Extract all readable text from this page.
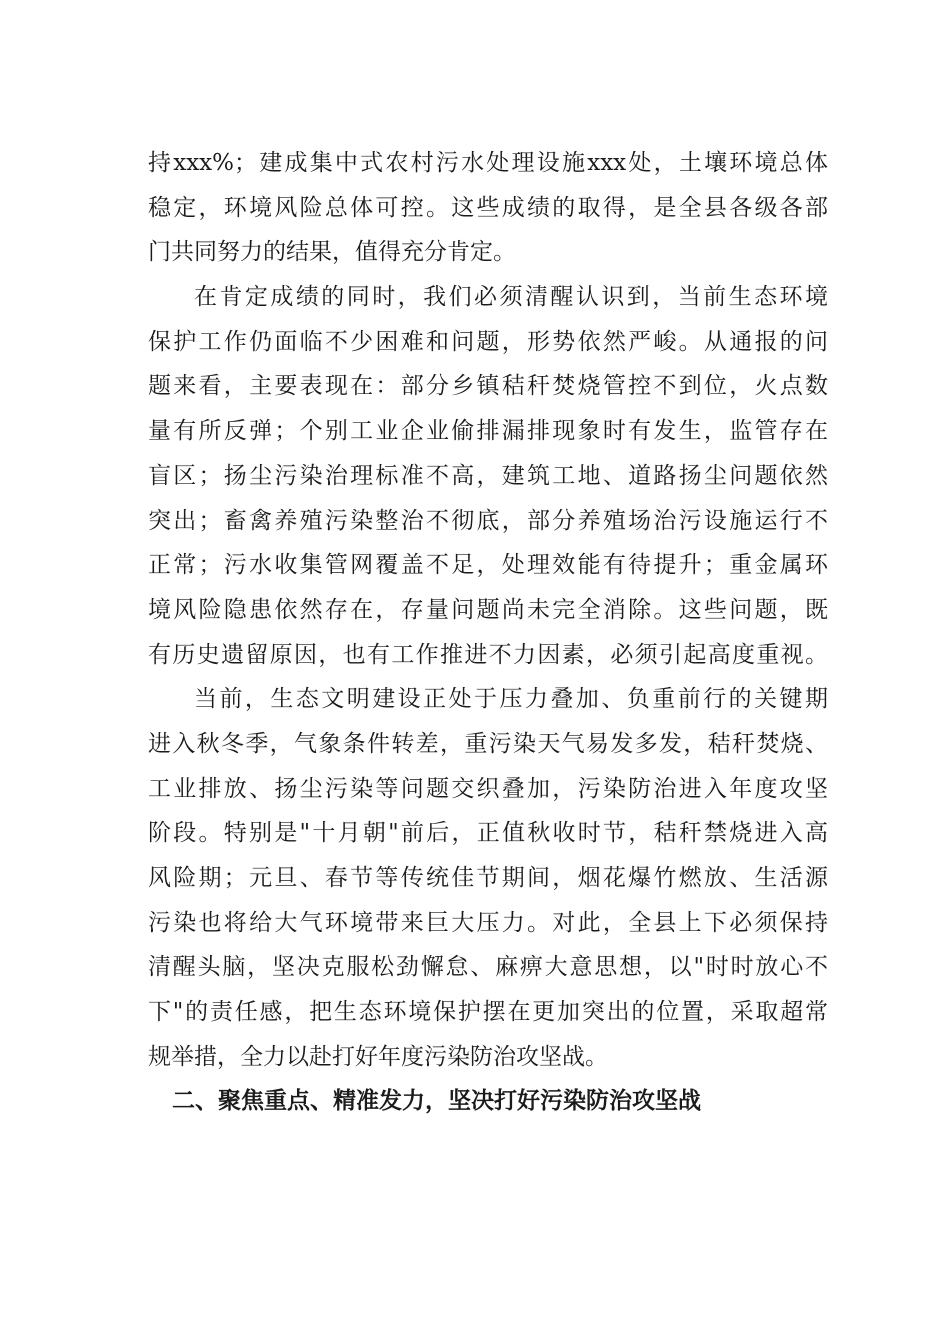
持xxx%；建成集中式农村污水处理设施xxx处，土壤环境总体
稳定，环境风险总体可控。这些成绩的取得，是全县各级各部
门共同努力的结果，值得充分肯定。
在肯定成绩的同时，我们必须清醒认识到，当前生态环境
保护工作仍面临不少困难和问题，形势依然严峻。从通报的问
题来看，主要表现在：部分乡镇秸秆焚烧管控不到位，火点数
量有所反弹；个别工业企业偷排漏排现象时有发生，监管存在
盲区；扬尘污染治理标准不高，建筑工地、道路扬尘问题依然
突出；畜禽养殖污染整治不彻底，部分养殖场治污设施运行不
正常；污水收集管网覆盖不足，处理效能有待提升；重金属环
境风险隐患依然存在，存量问题尚未完全消除。这些问题，既
有历史遗留原因，也有工作推进不力因素，必须引起高度重视。
当前，生态文明建设正处于压力叠加、负重前行的关键期
进入秋冬季，气象条件转差，重污染天气易发多发，秸秆焚烧、
工业排放、扬尘污染等问题交织叠加，污染防治进入年度攻坚
阶段。特别是"十月朝"前后，正值秋收时节，秸秆禁烧进入高
风险期；元旦、春节等传统佳节期间，烟花爆竹燃放、生活源
污染也将给大气环境带来巨大压力。对此，全县上下必须保持
清醒头脑，坚决克服松劲懈怠、麻痹大意思想，以"时时放心不
下"的责任感，把生态环境保护摆在更加突出的位置，采取超常
规举措，全力以赴打好年度污染防治攻坚战。
二、聚焦重点、精准发力，坚决打好污染防治攻坚战
